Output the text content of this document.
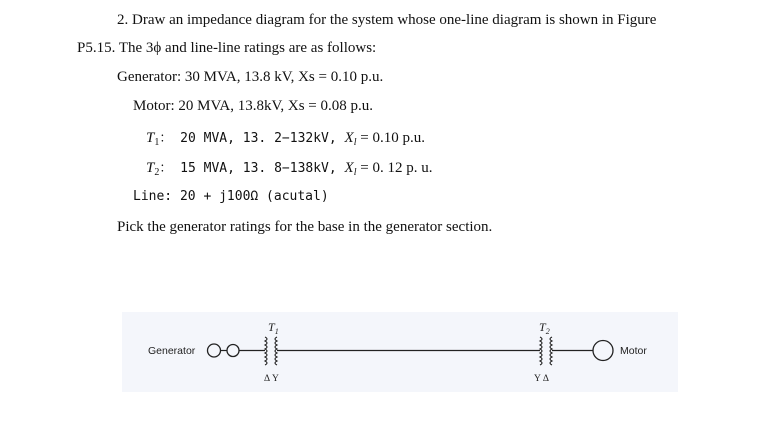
2. Draw an impedance diagram for the system whose one-line diagram is shown in Figure
P5.15. The 3ϕ and line-line ratings are as follows:
Generator: 30 MVA, 13.8 kV, Xs = 0.10 p.u.
Motor: 20 MVA, 13.8kV, Xs = 0.08 p.u.
$T_1$： 20 MVA, 13. 2−132kV, $X_l = 0.10$ p.u.
$T_2$： 15 MVA, 13. 8−138kV, $X_l = 0$. 12 p. u.
Line: 20 + j100Ω (acutal)
Pick the generator ratings for the base in the generator section.
Generator
$T_1$
Δ Y
$T_2$
Y Δ
Motor
